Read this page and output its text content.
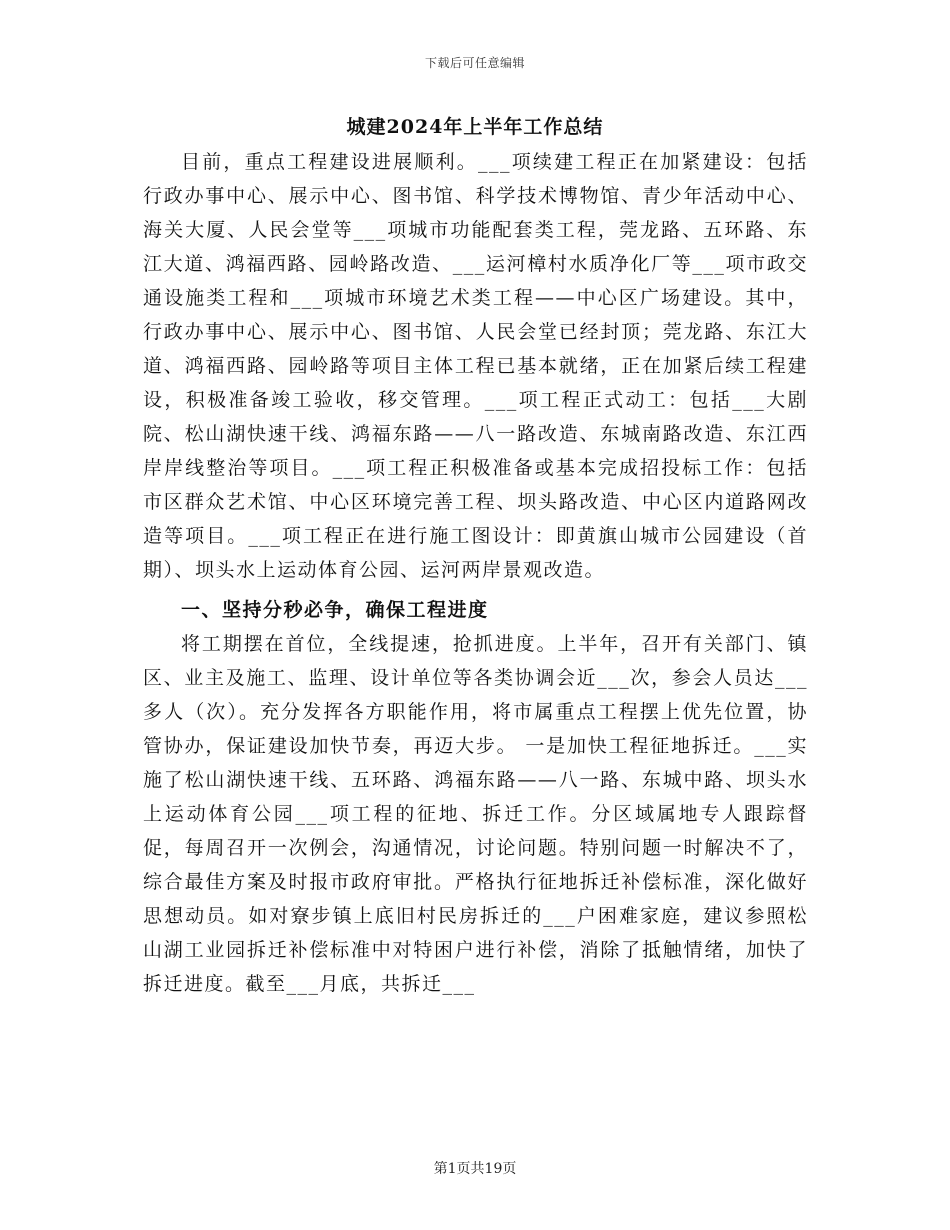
下载后可任意编辑
城建2024年上半年工作总结

目前，重点工程建设进展顺利。___项续建工程正在加紧建设：包括行政办事中心、展示中心、图书馆、科学技术博物馆、青少年活动中心、海关大厦、人民会堂等___项城市功能配套类工程，莞龙路、五环路、东江大道、鸿福西路、园岭路改造、___运河樟村水质净化厂等___项市政交通设施类工程和___项城市环境艺术类工程——中心区广场建设。其中，行政办事中心、展示中心、图书馆、人民会堂已经封顶；莞龙路、东江大道、鸿福西路、园岭路等项目主体工程已基本就绪，正在加紧后续工程建设，积极准备竣工验收，移交管理。___项工程正式动工：包括___大剧院、松山湖快速干线、鸿福东路——八一路改造、东城南路改造、东江西岸岸线整治等项目。___项工程正积极准备或基本完成招投标工作：包括市区群众艺术馆、中心区环境完善工程、坝头路改造、中心区内道路网改造等项目。___项工程正在进行施工图设计：即黄旗山城市公园建设（首期）、坝头水上运动体育公园、运河两岸景观改造。

一、坚持分秒必争，确保工程进度

将工期摆在首位，全线提速，抢抓进度。上半年，召开有关部门、镇区、业主及施工、监理、设计单位等各类协调会近___次，参会人员达___多人（次）。充分发挥各方职能作用，将市属重点工程摆上优先位置，协管协办，保证建设加快节奏，再迈大步。 一是加快工程征地拆迁。___实施了松山湖快速干线、五环路、鸿福东路——八一路、东城中路、坝头水上运动体育公园___项工程的征地、拆迁工作。分区域属地专人跟踪督促，每周召开一次例会，沟通情况，讨论问题。特别问题一时解决不了，综合最佳方案及时报市政府审批。严格执行征地拆迁补偿标准，深化做好思想动员。如对寮步镇上底旧村民房拆迁的___户困难家庭，建议参照松山湖工业园拆迁补偿标准中对特困户进行补偿，消除了抵触情绪，加快了拆迁进度。截至___月底，共拆迁___

第1页共19页
